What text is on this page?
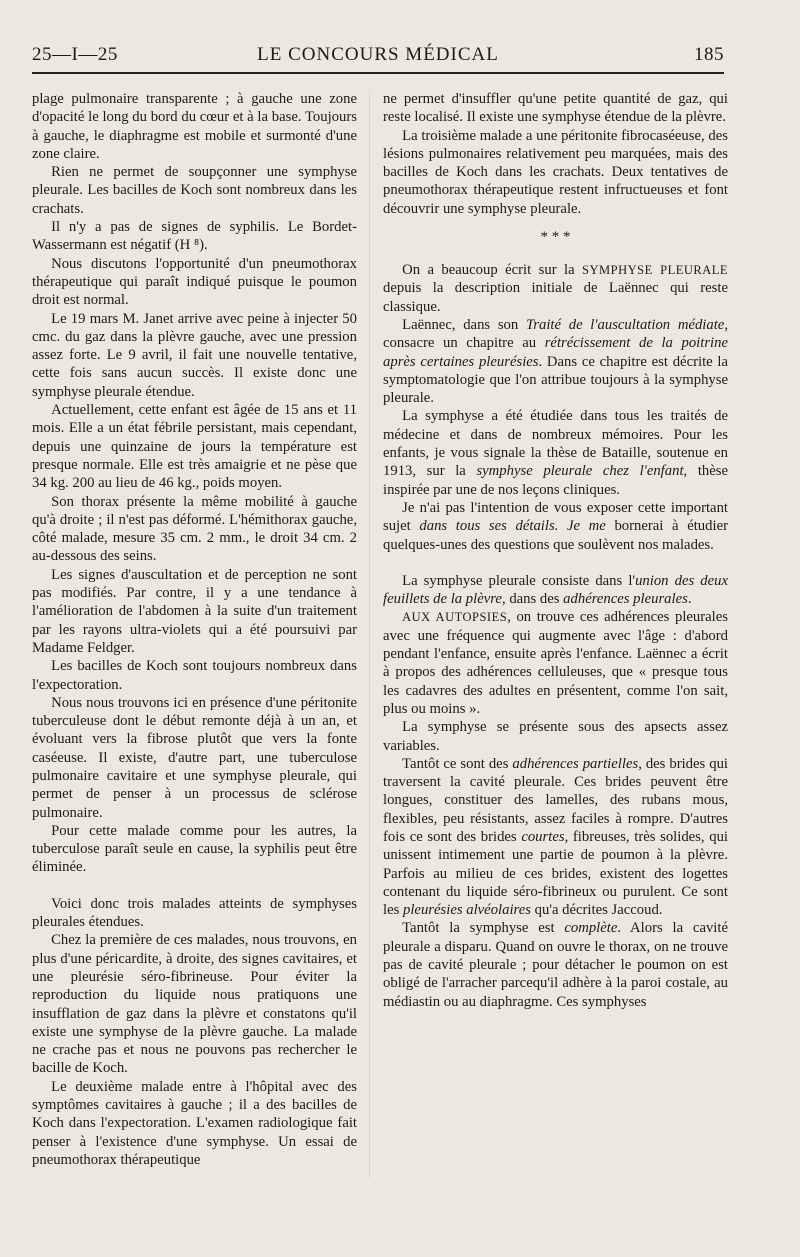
25—I—25	LE CONCOURS MÉDICAL	185

plage pulmonaire transparente ; à gauche une zone d'opacité le long du bord du cœur et à la base. Toujours à gauche, le diaphragme est mobile et surmonté d'une zone claire.

Rien ne permet de soupçonner une symphyse pleurale. Les bacilles de Koch sont nombreux dans les crachats.

Il n'y a pas de signes de syphilis. Le Bordet-Wassermann est négatif (H ⁸).

Nous discutons l'opportunité d'un pneumothorax thérapeutique qui paraît indiqué puisque le poumon droit est normal.

Le 19 mars M. Janet arrive avec peine à injecter 50 cmc. du gaz dans la plèvre gauche, avec une pression assez forte. Le 9 avril, il fait une nouvelle tentative, cette fois sans aucun succès. Il existe donc une symphyse pleurale étendue.

Actuellement, cette enfant est âgée de 15 ans et 11 mois. Elle a un état fébrile persistant, mais cependant, depuis une quinzaine de jours la température est presque normale. Elle est très amaigrie et ne pèse que 34 kg. 200 au lieu de 46 kg., poids moyen.

Son thorax présente la même mobilité à gauche qu'à droite ; il n'est pas déformé. L'hémithorax gauche, côté malade, mesure 35 cm. 2 mm., le droit 34 cm. 2 au-dessous des seins.

Les signes d'auscultation et de perception ne sont pas modifiés. Par contre, il y a une tendance à l'amélioration de l'abdomen à la suite d'un traitement par les rayons ultra-violets qui a été poursuivi par Madame Feldger.

Les bacilles de Koch sont toujours nombreux dans l'expectoration.

Nous nous trouvons ici en présence d'une péritonite tuberculeuse dont le début remonte déjà à un an, et évoluant vers la fibrose plutôt que vers la fonte caséeuse. Il existe, d'autre part, une tuberculose pulmonaire cavitaire et une symphyse pleurale, qui permet de penser à un processus de sclérose pulmonaire.

Pour cette malade comme pour les autres, la tuberculose paraît seule en cause, la syphilis peut être éliminée.

Voici donc trois malades atteints de symphyses pleurales étendues.

Chez la première de ces malades, nous trouvons, en plus d'une péricardite, à droite, des signes cavitaires, et une pleurésie séro-fibrineuse. Pour éviter la reproduction du liquide nous pratiquons une insufflation de gaz dans la plèvre et constatons qu'il existe une symphyse de la plèvre gauche. La malade ne crache pas et nous ne pouvons pas rechercher le bacille de Koch.

Le deuxième malade entre à l'hôpital avec des symptômes cavitaires à gauche ; il a des bacilles de Koch dans l'expectoration. L'examen radiologique fait penser à l'existence d'une symphyse. Un essai de pneumothorax thérapeutique

ne permet d'insuffler qu'une petite quantité de gaz, qui reste localisé. Il existe une symphyse étendue de la plèvre.

La troisième malade a une péritonite fibrocaséeuse, des lésions pulmonaires relativement peu marquées, mais des bacilles de Koch dans les crachats. Deux tentatives de pneumothorax thérapeutique restent infructueuses et font découvrir une symphyse pleurale.

* * *

On a beaucoup écrit sur la SYMPHYSE PLEURALE depuis la description initiale de Laënnec qui reste classique.

Laënnec, dans son Traité de l'auscultation médiate, consacre un chapitre au rétrécissement de la poitrine après certaines pleurésies. Dans ce chapitre est décrite la symptomatologie que l'on attribue toujours à la symphyse pleurale.

La symphyse a été étudiée dans tous les traités de médecine et dans de nombreux mémoires. Pour les enfants, je vous signale la thèse de Bataille, soutenue en 1913, sur la symphyse pleurale chez l'enfant, thèse inspirée par une de nos leçons cliniques.

Je n'ai pas l'intention de vous exposer cette important sujet dans tous ses détails. Je me bornerai à étudier quelques-unes des questions que soulèvent nos malades.

La symphyse pleurale consiste dans l'union des deux feuillets de la plèvre, dans des adhérences pleurales.

AUX AUTOPSIES, on trouve ces adhérences pleurales avec une fréquence qui augmente avec l'âge : d'abord pendant l'enfance, ensuite après l'enfance. Laënnec a écrit à propos des adhérences celluleuses, que « presque tous les cadavres des adultes en présentent, comme l'on sait, plus ou moins ».

La symphyse se présente sous des apsects assez variables.

Tantôt ce sont des adhérences partielles, des brides qui traversent la cavité pleurale. Ces brides peuvent être longues, constituer des lamelles, des rubans mous, flexibles, peu résistants, assez faciles à rompre. D'autres fois ce sont des brides courtes, fibreuses, très solides, qui unissent intimement une partie de poumon à la plèvre. Parfois au milieu de ces brides, existent des logettes contenant du liquide séro-fibrineux ou purulent. Ce sont les pleurésies alvéolaires qu'a décrites Jaccoud.

Tantôt la symphyse est complète. Alors la cavité pleurale a disparu. Quand on ouvre le thorax, on ne trouve pas de cavité pleurale ; pour détacher le poumon on est obligé de l'arracher parcequ'il adhère à la paroi costale, au médiastin ou au diaphragme. Ces symphyses
